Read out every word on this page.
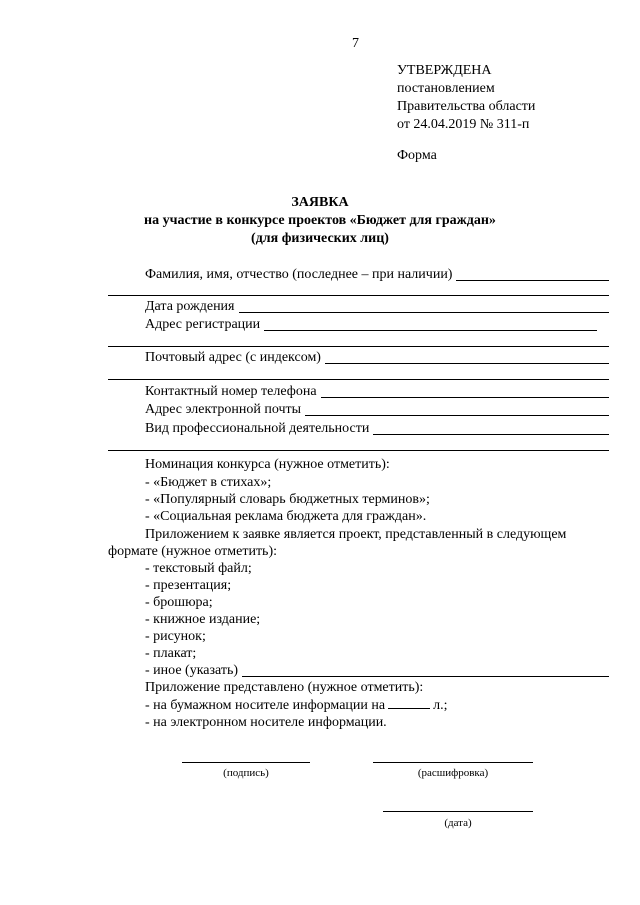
7
УТВЕРЖДЕНА
постановлением
Правительства области
от 24.04.2019 № 311-п
Форма
ЗАЯВКА
на участие в конкурсе проектов «Бюджет для граждан»
(для физических лиц)
Фамилия, имя, отчество (последнее – при наличии)
Дата рождения
Адрес регистрации
Почтовый адрес (с индексом)
Контактный номер телефона
Адрес электронной почты
Вид профессиональной деятельности
Номинация конкурса (нужное отметить):
- «Бюджет в стихах»;
- «Популярный словарь бюджетных терминов»;
- «Социальная реклама бюджета для граждан».
Приложением к заявке является проект, представленный в следующем
формате (нужное отметить):
- текстовый файл;
- презентация;
- брошюра;
- книжное издание;
- рисунок;
- плакат;
- иное (указать)
Приложение представлено (нужное отметить):
- на бумажном носителе информации на	л.;
- на электронном носителе информации.
(подпись)	(расшифровка)
(дата)
